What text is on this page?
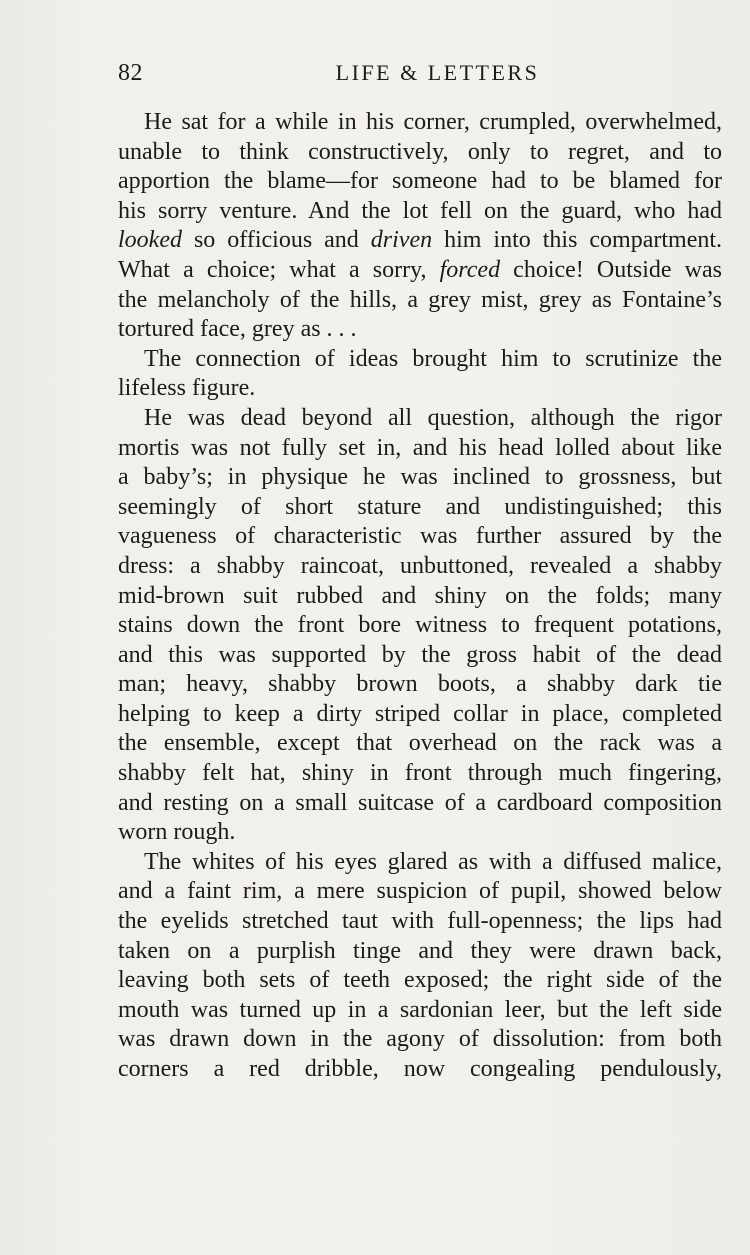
82	LIFE & LETTERS
He sat for a while in his corner, crumpled, overwhelmed,
unable to think constructively, only to regret, and to
apportion the blame—for someone had to be blamed for
his sorry venture. And the lot fell on the guard, who had
looked so officious and driven him into this compartment.
What a choice; what a sorry, forced choice! Outside was
the melancholy of the hills, a grey mist, grey as Fontaine’s
tortured face, grey as . . .
The connection of ideas brought him to scrutinize the
lifeless figure.
He was dead beyond all question, although the rigor
mortis was not fully set in, and his head lolled about like
a baby’s; in physique he was inclined to grossness, but
seemingly of short stature and undistinguished; this
vagueness of characteristic was further assured by the
dress: a shabby raincoat, unbuttoned, revealed a shabby
mid-brown suit rubbed and shiny on the folds; many
stains down the front bore witness to frequent potations,
and this was supported by the gross habit of the dead
man; heavy, shabby brown boots, a shabby dark tie
helping to keep a dirty striped collar in place, completed
the ensemble, except that overhead on the rack was a
shabby felt hat, shiny in front through much fingering,
and resting on a small suitcase of a cardboard composition
worn rough.
The whites of his eyes glared as with a diffused malice,
and a faint rim, a mere suspicion of pupil, showed below
the eyelids stretched taut with full-openness; the lips had
taken on a purplish tinge and they were drawn back,
leaving both sets of teeth exposed; the right side of the
mouth was turned up in a sardonian leer, but the left side
was drawn down in the agony of dissolution: from both
corners a red dribble, now congealing pendulously,
